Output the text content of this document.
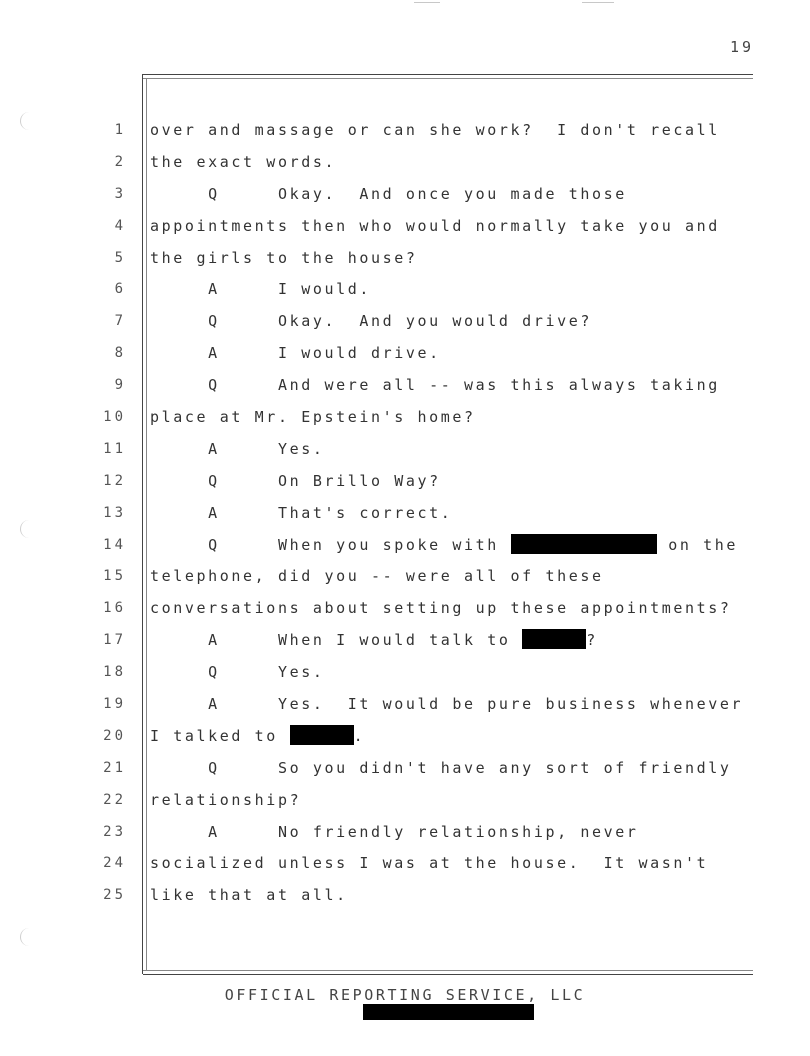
19
1
2
3
4
5
6
7
8
9
10
11
12
13
14
15
16
17
18
19
20
21
22
23
24
25
over and massage or can she work?  I don't recall
the exact words.
Q     Okay.  And once you made those
appointments then who would normally take you and
the girls to the house?
A     I would.
Q     Okay.  And you would drive?
A     I would drive.
Q     And were all -- was this always taking
place at Mr. Epstein's home?
A     Yes.
Q     On Brillo Way?
A     That's correct.
Q     When you spoke with	on the
telephone, did you -- were all of these
conversations about setting up these appointments?
A     When I would talk to	?
Q     Yes.
A     Yes.  It would be pure business whenever
I talked to	.
Q     So you didn't have any sort of friendly
relationship?
A     No friendly relationship, never
socialized unless I was at the house.  It wasn't
like that at all.
OFFICIAL REPORTING SERVICE, LLC
